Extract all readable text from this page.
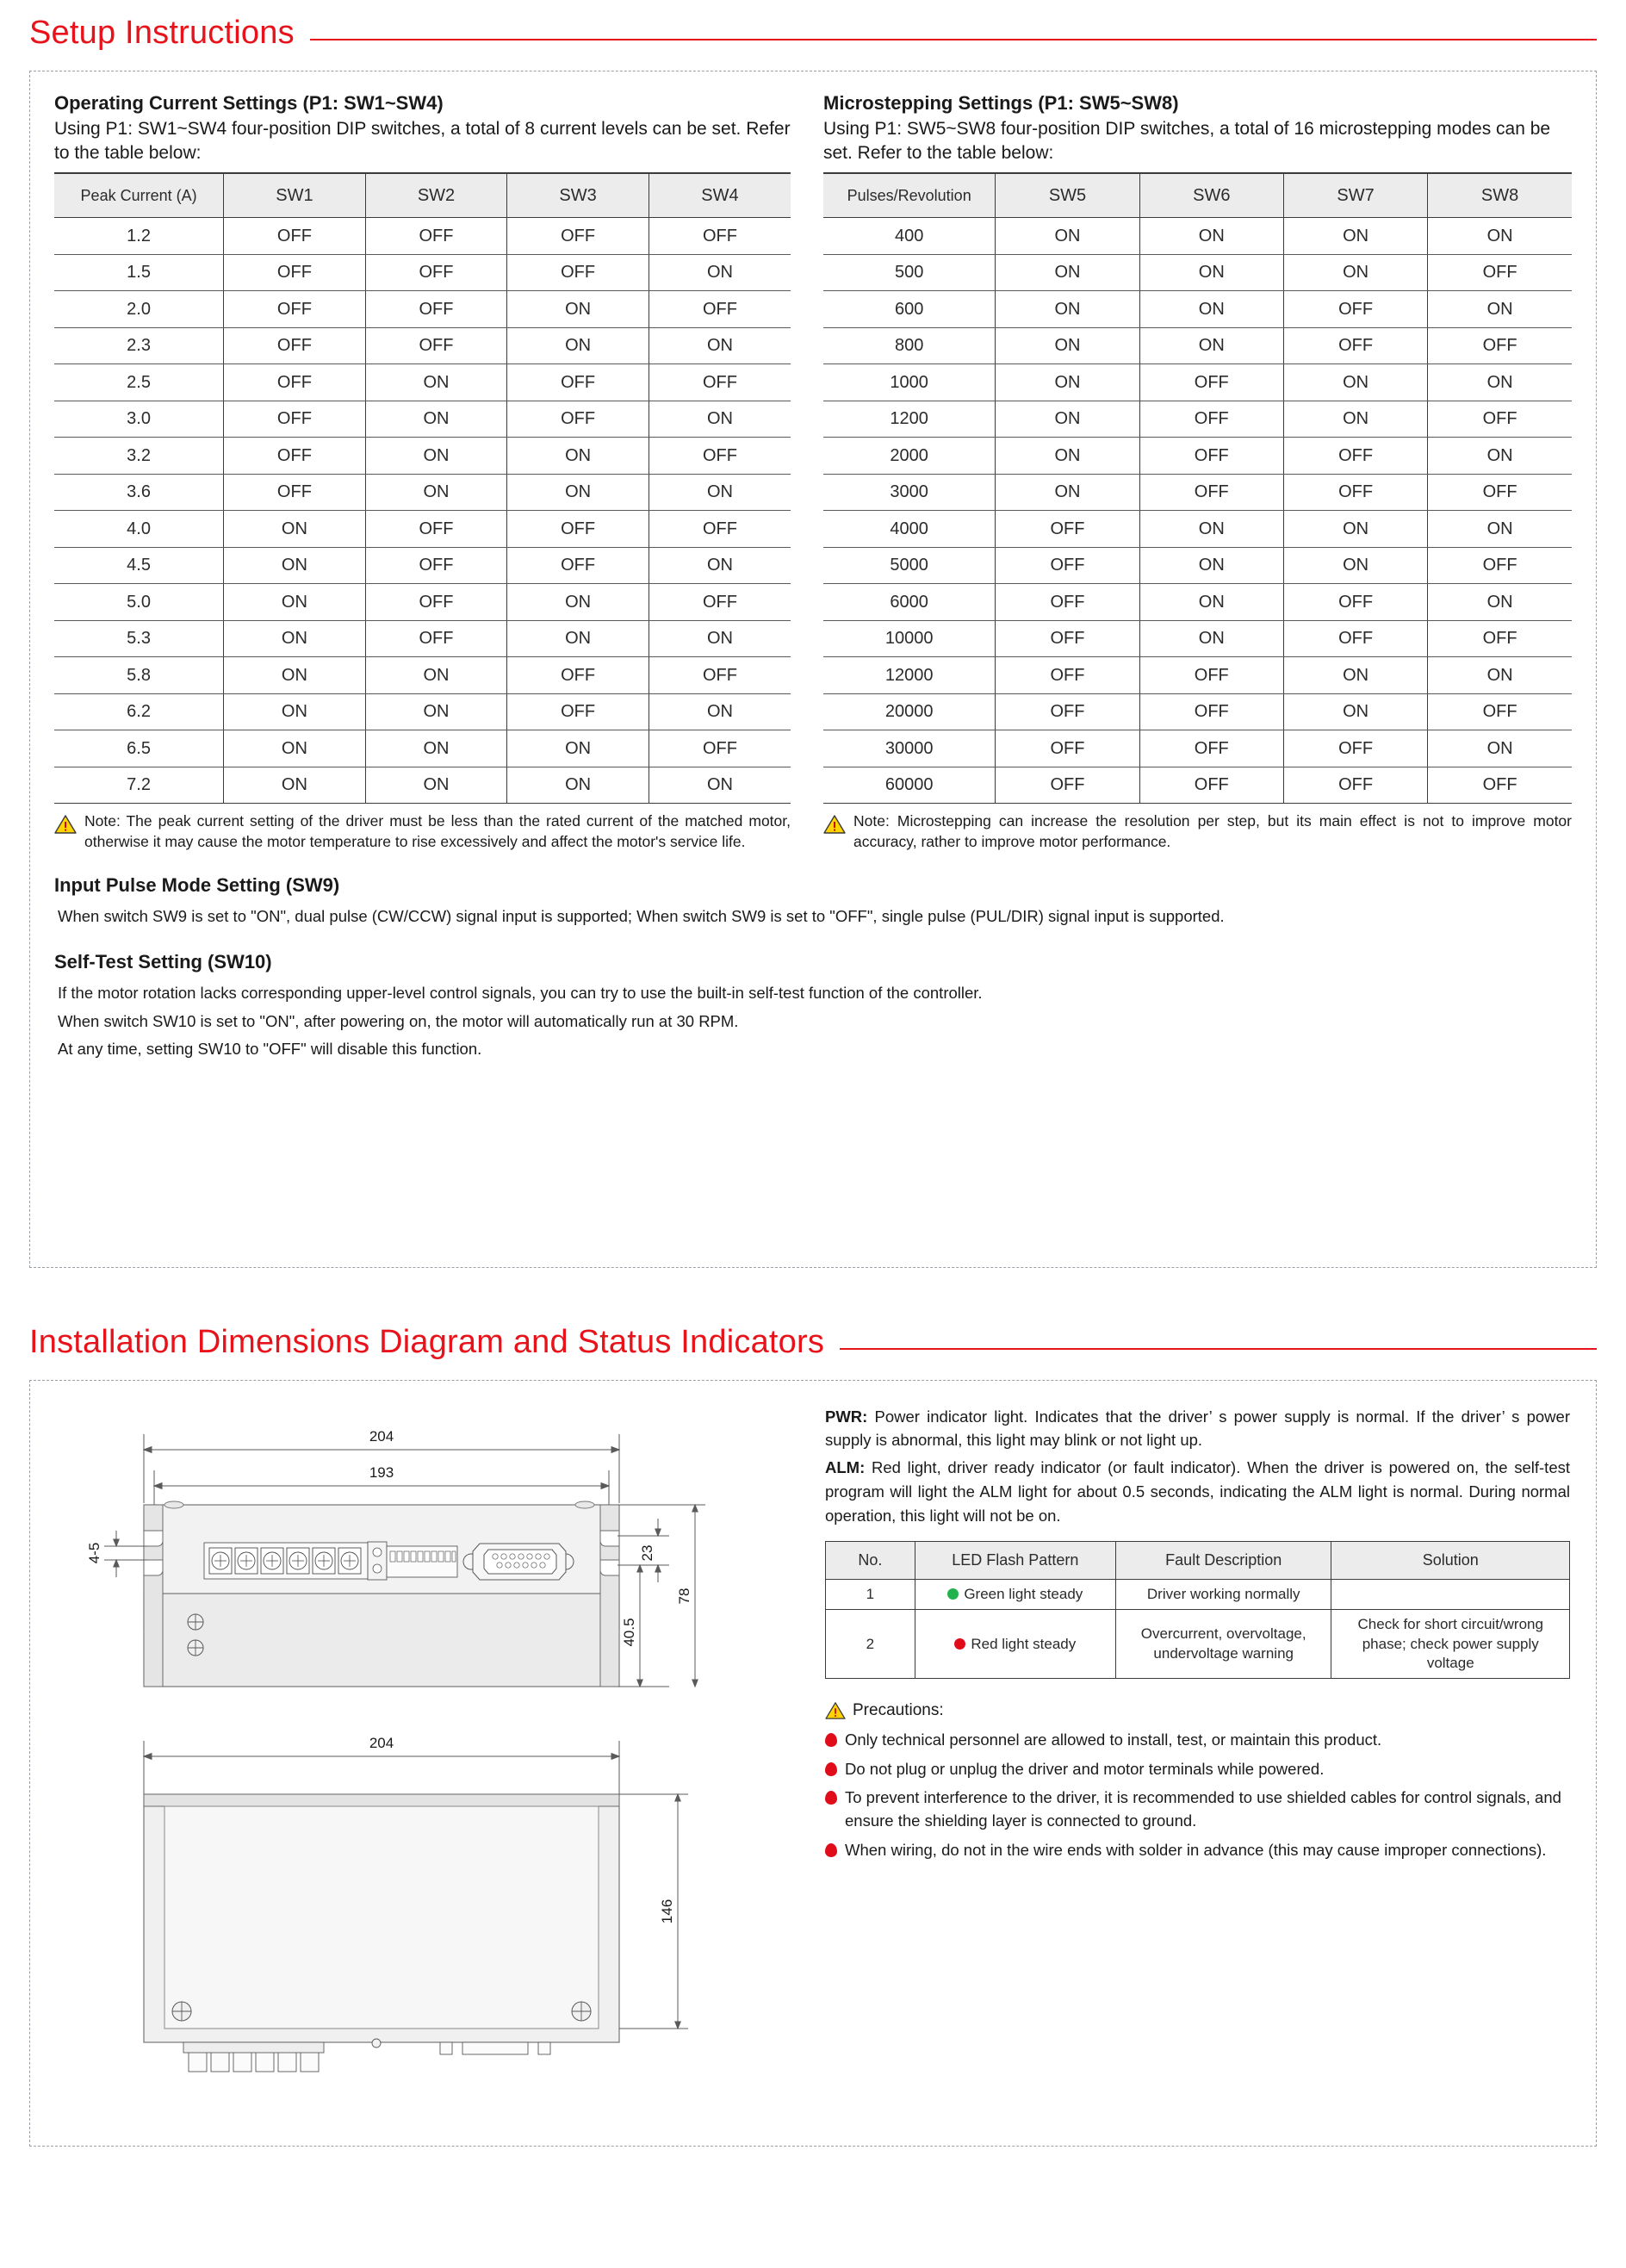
Setup Instructions
Operating Current Settings (P1: SW1~SW4)
Using P1: SW1~SW4 four-position DIP switches, a total of 8 current levels can be set. Refer to the table below:
Peak Current (A)	SW1	SW2	SW3	SW4
1.2	OFF	OFF	OFF	OFF
1.5	OFF	OFF	OFF	ON
2.0	OFF	OFF	ON	OFF
2.3	OFF	OFF	ON	ON
2.5	OFF	ON	OFF	OFF
3.0	OFF	ON	OFF	ON
3.2	OFF	ON	ON	OFF
3.6	OFF	ON	ON	ON
4.0	ON	OFF	OFF	OFF
4.5	ON	OFF	OFF	ON
5.0	ON	OFF	ON	OFF
5.3	ON	OFF	ON	ON
5.8	ON	ON	OFF	OFF
6.2	ON	ON	OFF	ON
6.5	ON	ON	ON	OFF
7.2	ON	ON	ON	ON
Note: The peak current setting of the driver must be less than the rated current of the matched motor, otherwise it may cause the motor temperature to rise excessively and affect the motor's service life.
Microstepping Settings (P1: SW5~SW8)
Using P1: SW5~SW8 four-position DIP switches, a total of 16 microstepping modes can be set. Refer to the table below:
Pulses/Revolution	SW5	SW6	SW7	SW8
400	ON	ON	ON	ON
500	ON	ON	ON	OFF
600	ON	ON	OFF	ON
800	ON	ON	OFF	OFF
1000	ON	OFF	ON	ON
1200	ON	OFF	ON	OFF
2000	ON	OFF	OFF	ON
3000	ON	OFF	OFF	OFF
4000	OFF	ON	ON	ON
5000	OFF	ON	ON	OFF
6000	OFF	ON	OFF	ON
10000	OFF	ON	OFF	OFF
12000	OFF	OFF	ON	ON
20000	OFF	OFF	ON	OFF
30000	OFF	OFF	OFF	ON
60000	OFF	OFF	OFF	OFF
Note: Microstepping can increase the resolution per step, but its main effect is not to improve motor accuracy, rather to improve motor performance.
Input Pulse Mode Setting (SW9)

When switch SW9 is set to "ON", dual pulse (CW/CCW) signal input is supported; When switch SW9 is set to "OFF", single pulse (PUL/DIR) signal input is supported.

Self-Test Setting (SW10)

If the motor rotation lacks corresponding upper-level control signals, you can try to use the built-in self-test function of the controller.

When switch SW10 is set to "ON", after powering on, the motor will automatically run at 30 RPM.

At any time, setting SW10 to "OFF" will disable this function.

Installation Dimensions Diagram and Status Indicators
204
193
4-5	23
40.5
78
204
146

PWR: Power indicator light. Indicates that the driver’ s power supply is normal. If the driver’ s power supply is abnormal, this light may blink or not light up.

ALM: Red light, driver ready indicator (or fault indicator). When the driver is powered on, the self-test program will light the ALM light for about 0.5 seconds, indicating the ALM light is normal. During normal operation, this light will not be on.

No.	LED Flash Pattern	Fault Description	Solution
1	Green light steady	Driver working normally	
2	Red light steady	Overcurrent, overvoltage, undervoltage warning	Check for short circuit/wrong phase; check power supply voltage
Precautions:
Only technical personnel are allowed to install, test, or maintain this product.
Do not plug or unplug the driver and motor terminals while powered.
To prevent interference to the driver, it is recommended to use shielded cables for control signals, and ensure the shielding layer is connected to ground.
When wiring, do not in the wire ends with solder in advance (this may cause improper connections).
